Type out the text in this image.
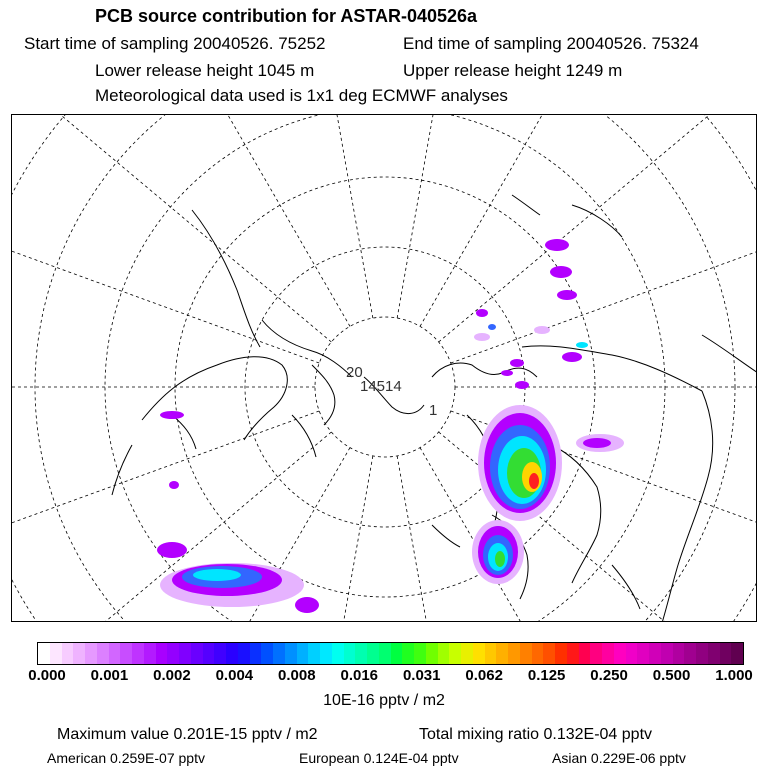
PCB source contribution for ASTAR-040526a
Start time of sampling 20040526. 75252	End time of sampling 20040526. 75324
Lower release height 1045 m	Upper release height 1249 m
Meteorological data used is 1x1 deg ECMWF analyses
20
14514
1
0.000 0.001 0.002 0.004 0.008 0.016 0.031 0.062 0.125 0.250 0.500 1.000
10E-16 pptv / m2
Maximum value 0.201E-15 pptv / m2	Total mixing ratio 0.132E-04 pptv
American 0.259E-07 pptv	European 0.124E-04 pptv	Asian 0.229E-06 pptv
